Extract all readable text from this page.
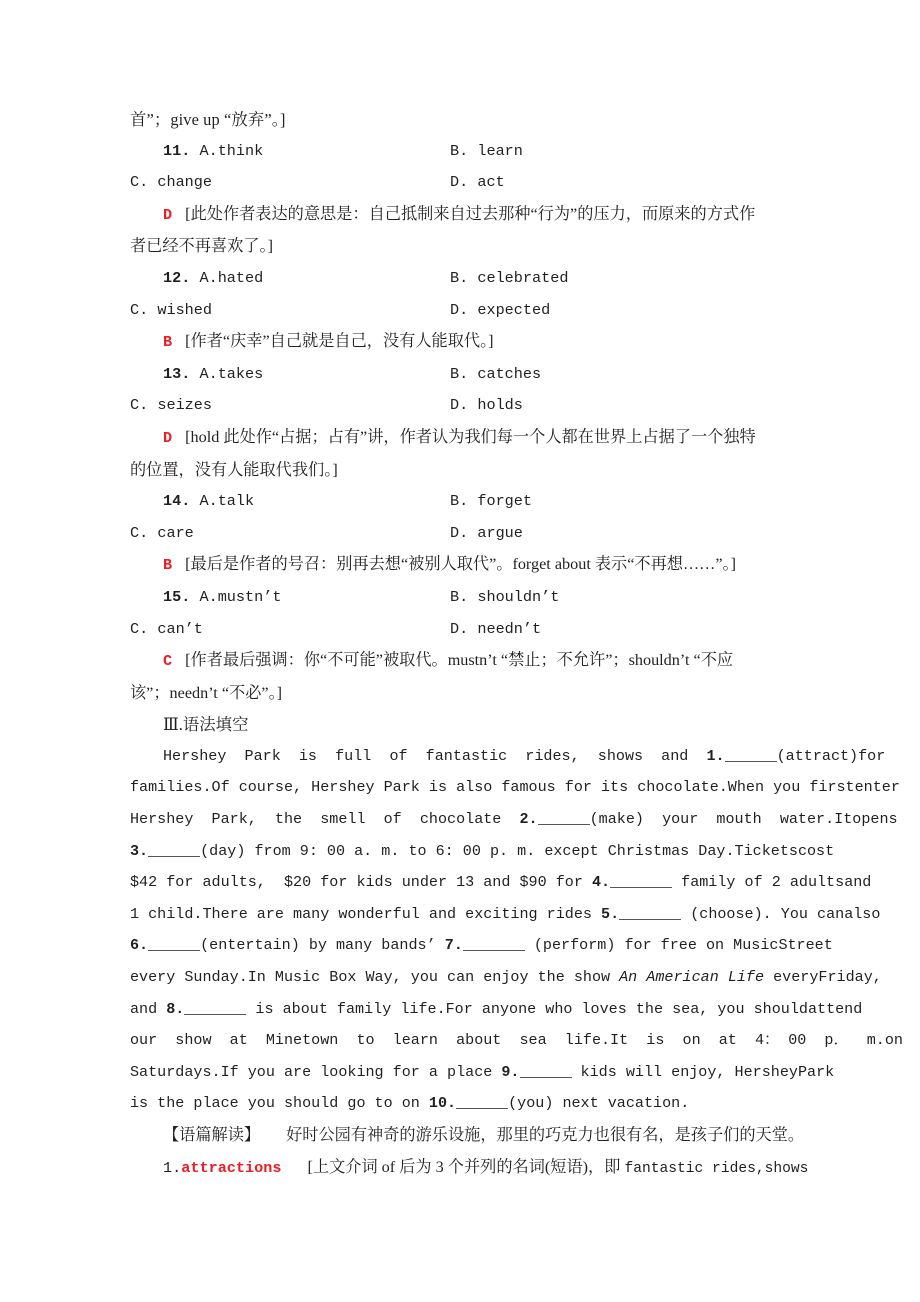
首”；give up “放弃”。]
11. A.think	B. learn
C. change	D. act
D [此处作者表达的意思是：自己抵制来自过去那种“行为”的压力，而原来的方式作
者已经不再喜欢了。]
12. A.hated	B. celebrated
C. wished	D. expected
B [作者“庆幸”自己就是自己，没有人能取代。]
13. A.takes	B. catches
C. seizes	D. holds
D [hold 此处作“占据；占有”讲，作者认为我们每一个人都在世界上占据了一个独特
的位置，没有人能取代我们。]
14. A.talk	B. forget
C. care	D. argue
B [最后是作者的号召：别再去想“被别人取代”。forget about 表示“不再想……”。]
15. A.mustn’t	B. shouldn’t
C. can’t	D. needn’t
C [作者最后强调：你“不可能”被取代。mustn’t “禁止；不允许”；shouldn’t “不应
该”；needn’t “不必”。]
Ⅲ.语法填空
Hershey  Park  is  full  of  fantastic  rides,  shows  and  1.	(attract) for
families.Of course, Hershey Park is also famous for its chocolate.When you first enter
Hershey  Park,  the  smell  of  chocolate  2.	(make)  your  mouth  water.It opens
3.	(day) from 9: 00 a. m. to 6: 00 p. m. except Christmas Day.Tickets cost
$42 for adults,  $20 for kids under 13 and $90 for 4.	family of 2 adults and
1 child.There are many wonderful and exciting rides 5.	(choose). You can also
6.	(entertain) by many bands’ 7.	(perform) for free on Music Street
every Sunday.In Music Box Way, you can enjoy the show An American Life every Friday,
and 8.	is about family life.For anyone who loves the sea, you should attend
our  show  at  Minetown  to  learn  about  sea  life.It  is  on  at  4： 00  p．  m. on
Saturdays.If you are looking for a place 9.	kids will enjoy, Hershey Park
is the place you should go to on 10.	(you) next vacation.
【语篇解读】 好时公园有神奇的游乐设施，那里的巧克力也很有名，是孩子们的天堂。
1.attractions [上文介词 of 后为 3 个并列的名词(短语)，即 fantastic rides,shows
